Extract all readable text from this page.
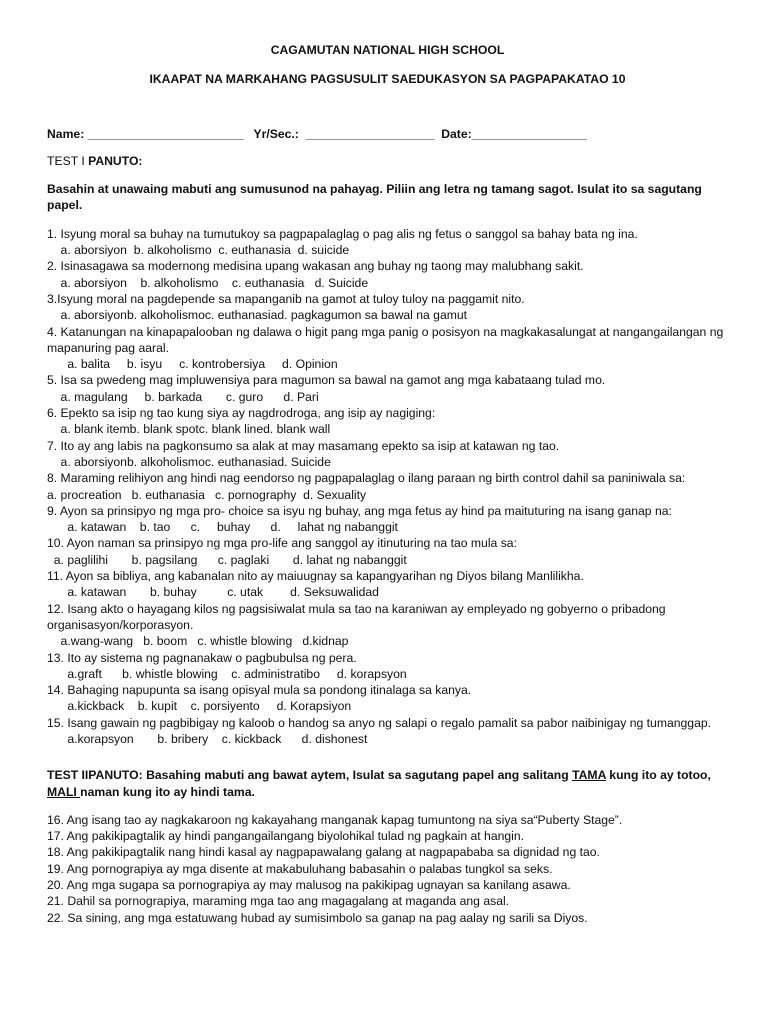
CAGAMUTAN NATIONAL HIGH SCHOOL
IKAAPAT NA MARKAHANG PAGSUSULIT SAEDUKASYON SA PAGPAPAKATAO 10
Name: _______________________   Yr/Sec.:  ___________________  Date:_________________
TEST I PANUTO:
Basahin at unawaing mabuti ang sumusunod na pahayag. Piliin ang letra ng tamang sagot. Isulat ito sa sagutang papel.
1. Isyung moral sa buhay na tumutukoy sa pagpapalaglag o pag alis ng fetus o sanggol sa bahay bata ng ina.
a. aborsiyon  b. alkoholismo  c. euthanasia  d. suicide
2. Isinasagawa sa modernong medisina upang wakasan ang buhay ng taong may malubhang sakit.
a. aborsiyon    b. alkoholismo    c. euthanasia   d. Suicide
3.Isyung moral na pagdepende sa mapanganib na gamot at tuloy tuloy na paggamit nito.
a. aborsiyonb. alkoholismoc. euthanasiad. pagkagumon sa bawal na gamut
4. Katanungan na kinapapalooban ng dalawa o higit pang mga panig o posisyon na magkakasalungat at nangangailangan ng mapanuring pag aaral.
a. balita     b. isyu     c. kontrobersiya     d. Opinion
5. Isa sa pwedeng mag impluwensiya para magumon sa bawal na gamot ang mga kabataang tulad mo.
a. magulang     b. barkada       c. guro      d. Pari
6. Epekto sa isip ng tao kung siya ay nagdrodroga, ang isip ay nagiging:
a. blank itemb. blank spotc. blank lined. blank wall
7. Ito ay ang labis na pagkonsumo sa alak at may masamang epekto sa isip at katawan ng tao.
a. aborsiyonb. alkoholismoc. euthanasiad. Suicide
8. Maraming relihiyon ang hindi nag eendorso ng pagpapalaglag o ilang paraan ng birth control dahil sa paniniwala sa:
a. procreation   b. euthanasia   c. pornography  d. Sexuality
9. Ayon sa prinsipyo ng mga pro- choice sa isyu ng buhay, ang mga fetus ay hind pa maituturing na isang ganap na:
a. katawan    b. tao      c.     buhay      d.     lahat ng nabanggit
10. Ayon naman sa prinsipyo ng mga pro-life ang sanggol ay itinuturing na tao mula sa:
a. paglilihi       b. pagsilang      c. paglaki       d. lahat ng nabanggit
11. Ayon sa bibliya, ang kabanalan nito ay maiuugnay sa kapangyarihan ng Diyos bilang Manlilikha.
a. katawan       b. buhay         c. utak        d. Seksuwalidad
12. Isang akto o hayagang kilos ng pagsisiwalat mula sa tao na karaniwan ay empleyado ng gobyerno o pribadong organisasyon/korporasyon.
a.wang-wang   b. boom   c. whistle blowing   d.kidnap
13. Ito ay sistema ng pagnanakaw o pagbubulsa ng pera.
a.graft      b. whistle blowing    c. administratibo     d. korapsyon
14. Bahaging napupunta sa isang opisyal mula sa pondong itinalaga sa kanya.
a.kickback    b. kupit    c. porsiyento     d. Korapsiyon
15. Isang gawain ng pagbibigay ng kaloob o handog sa anyo ng salapi o regalo pamalit sa pabor naibinigay ng tumanggap.
a.korapsyon       b. bribery    c. kickback      d. dishonest
TEST IIPANUTO: Basahing mabuti ang bawat aytem, Isulat sa sagutang papel ang salitang TAMA kung ito ay totoo,
MALI naman kung ito ay hindi tama.
16. Ang isang tao ay nagkakaroon ng kakayahang manganak kapag tumuntong na siya sa“Puberty Stage”.
17. Ang pakikipagtalik ay hindi pangangailangang biyolohikal tulad ng pagkain at hangin.
18. Ang pakikipagtalik nang hindi kasal ay nagpapawalang galang at nagpapababa sa dignidad ng tao.
19. Ang pornograpiya ay mga disente at makabuluhang babasahin o palabas tungkol sa seks.
20. Ang mga sugapa sa pornograpiya ay may malusog na pakikipag ugnayan sa kanilang asawa.
21. Dahil sa pornograpiya, maraming mga tao ang magagalang at maganda ang asal.
22. Sa sining, ang mga estatuwang hubad ay sumisimbolo sa ganap na pag aalay ng sarili sa Diyos.
